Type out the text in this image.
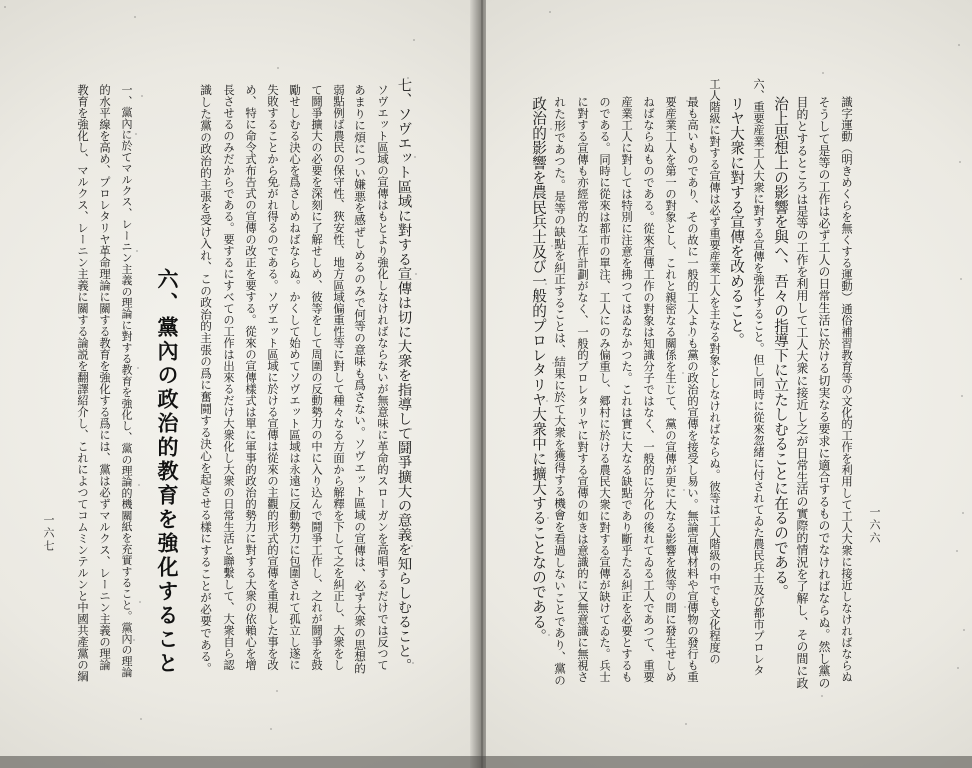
七、ソヴエット區域に對する宣傳は切に大衆を指導して鬪爭擴大の意義を知らしむること。
ソヴエット區域の宣傳はもとより強化しなければならないが無意味に革命的スローガンを高唱するだけでは反つて
あまりに煩につい嫌悪を感ぜしめるのみで何等の意味も爲さない。ソヴエット區域の宣傳は、必ず大衆の思想的
弱點例ば農民の保守性、狹安性、地方區域偏重性等に對して種々なる方面から解釋を下して之を糾正し、大衆をし
て鬪爭擴大の必要を深刻に了解せしめ、彼等をして周圍の反動勢力の中に入り込んで鬪爭工作し、之れが鬪爭を鼓
勵せしむる決心を爲さしめねばならぬ。かくして始めてソヴエット區域は永遠に反動勢力に包圍されて孤立し遂に
失敗することから免がれ得るのである。ソヴエット區域に於ける宣傳は從來の主觀的形式的宣傳を重視した事を改
め、特に命令式布告式の宣傳の改正を要する。從來の宣傳樣式は單に軍事的政治的勢力に對する大衆の依賴心を增
長させるのみだからである。要するにすべての工作は出來るだけ大衆化し大衆の日常生活と聯繫して、大衆自ら認
識した黨の政治的主張を受け入れ、この政治的主張の爲に奮鬪する決心を起させる樣にすることが必要である。
六、黨內の政治的教育を強化すること
一、黨內に於てマルクス、レーニン主義の理論に對する教育を強化し、黨の理論的機關紙を充實すること。黨內の理論
的水平線を高め、プロレタリヤ革命理論に關する教育を強化する爲には、黨は必ずマルクス、レーニン主義の理論
教育を強化し、マルクス、レーニン主義に關する論説を翻譯紹介し、これによつてコムミンテルンと中國共產黨の綱
一六七	識字運動（明きめくらを無くする運動）通俗補習教育等の文化的工作を利用して工人大衆に接近しなければならぬ
そうして是等の工作は必ず工人の日常生活に於ける切実なる要求に適合するものでなければならぬ。然し黨の
目的とするところは是等の工作を利用して工人大衆に接近し之が日常生活の實際的情況を了解し、その間に政
治上思想上の影響を與へ、吾々の指導下に立たしむることに在るのである。
六、重要産業工人大衆に對する宣傳を強化すること。但し同時に從來忽緒に付されてゐた農民兵士及び都市プロレタ
リヤ大衆に對する宣傳を改めること。
工人階級に對する宣傳は必ず重要産業工人を主なる對象としなければならぬ。彼等は工人階級の中でも文化程度の
最も高いものであり、その故に一般的工人よりも黨の政治的宣傳を接受し易い。無論宣傳材料や宣傳物の發行も重
要産業工人を第一の對象とし、これと親密なる關係を生じて、黨の宣傳が更に大なる影響を彼等の間に發生せしめ
ねばならぬものである。從來宣傳工作の對象は知識分子ではなく、一般的に分化の後れてゐる工人であつて、重要
産業工人に對しては特別に注意を拂つてはゐなかつた。これは實に大なる缺點であり斷乎たる糾正を必要とするも
のである。同時に從來は都市の單注、工人にのみ偏重し、郷村に於ける農民大衆に對する宣傳が缺けてゐた。兵士
に對する宣傳も亦經常的な工作計劃がなく、一般的プロレタリヤに對する宣傳の如きは意識的に又無意識に無視さ
れた形であつた。是等の缺點を糾正することは、結果に於て大衆を獲得する機會を看過しないことであり、黨の
政治的影響を農民兵士及び一般的プロレタリヤ大衆中に擴大することなのである。	一六六
